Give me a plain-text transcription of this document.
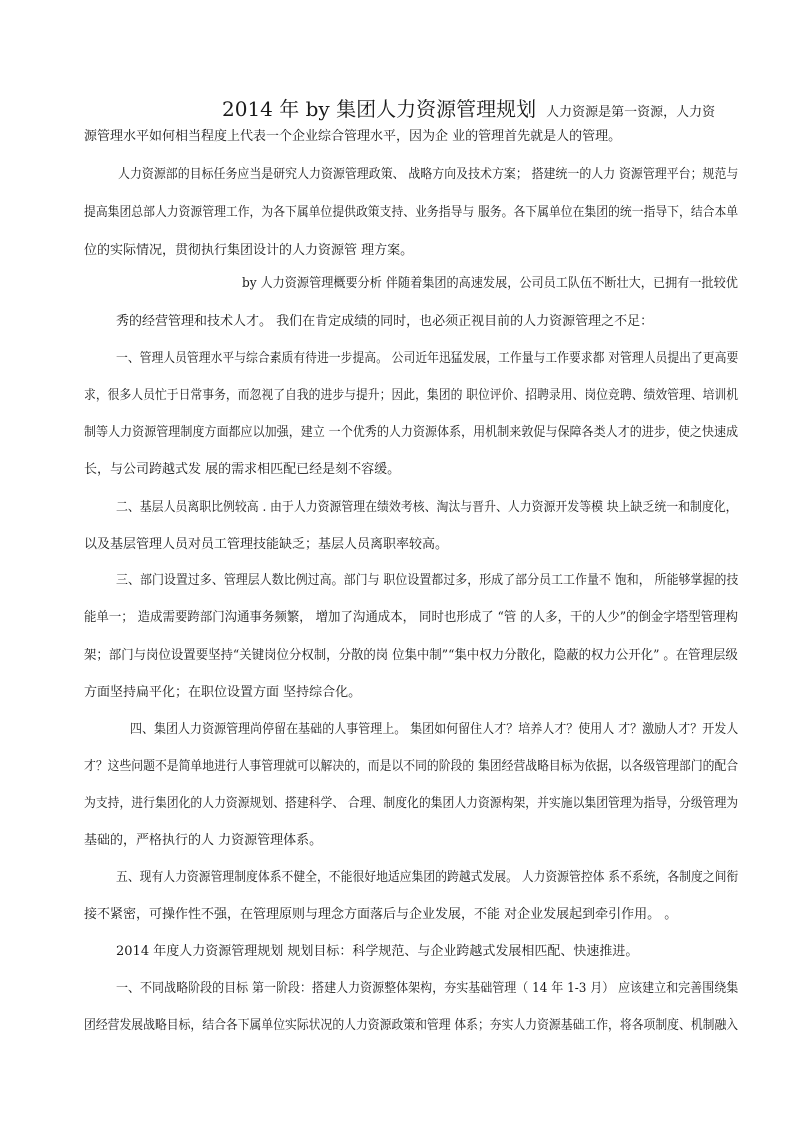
2014 年 by 集团人力资源管理规划 人力资源是第一资源，人力资
源管理水平如何相当程度上代表一个企业综合管理水平，因为企 业的管理首先就是人的管理。
人力资源部的目标任务应当是研究人力资源管理政策、 战略方向及技术方案； 搭建统一的人力 资源管理平台；规范与
提高集团总部人力资源管理工作，为各下属单位提供政策支持、业务指导与 服务。各下属单位在集团的统一指导下，结合本单
位的实际情况，贯彻执行集团设计的人力资源管 理方案。
by 人力资源管理概要分析 伴随着集团的高速发展，公司员工队伍不断壮大，已拥有一批较优
秀的经营管理和技术人才。 我们在肯定成绩的同时，也必须正视目前的人力资源管理之不足：
一、管理人员管理水平与综合素质有待进一步提高。 公司近年迅猛发展，工作量与工作要求都 对管理人员提出了更高要
求，很多人员忙于日常事务，而忽视了自我的进步与提升；因此，集团的 职位评价、招聘录用、岗位竞聘、绩效管理、培训机
制等人力资源管理制度方面都应以加强，建立 一个优秀的人力资源体系，用机制来敦促与保障各类人才的进步，使之快速成
长，与公司跨越式发 展的需求相匹配已经是刻不容缓。
二、基层人员离职比例较高 . 由于人力资源管理在绩效考核、淘汰与晋升、人力资源开发等模 块上缺乏统一和制度化，
以及基层管理人员对员工管理技能缺乏；基层人员离职率较高。
三、部门设置过多、管理层人数比例过高。部门与 职位设置都过多，形成了部分员工工作量不 饱和， 所能够掌握的技
能单一； 造成需要跨部门沟通事务频繁， 增加了沟通成本， 同时也形成了 “管 的人多，干的人少”的倒金字塔型管理构
架；部门与岗位设置要坚持“关键岗位分权制，分散的岗 位集中制”“集中权力分散化，隐蔽的权力公开化” 。在管理层级
方面坚持扁平化；在职位设置方面 坚持综合化。
四、集团人力资源管理尚停留在基础的人事管理上。 集团如何留住人才？培养人才？使用人 才？激励人才？开发人
才？这些问题不是简单地进行人事管理就可以解决的，而是以不同的阶段的 集团经营战略目标为依据，以各级管理部门的配合
为支持，进行集团化的人力资源规划、搭建科学、 合理、制度化的集团人力资源构架，并实施以集团管理为指导，分级管理为
基础的，严格执行的人 力资源管理体系。
五、现有人力资源管理制度体系不健全，不能很好地适应集团的跨越式发展。 人力资源管控体 系不系统，各制度之间衔
接不紧密，可操作性不强，在管理原则与理念方面落后与企业发展，不能 对企业发展起到牵引作用。 。
2014 年度人力资源管理规划 规划目标：科学规范、与企业跨越式发展相匹配、快速推进。
一、不同战略阶段的目标 第一阶段：搭建人力资源整体架构，夯实基础管理（ 14 年 1-3 月） 应该建立和完善围绕集
团经营发展战略目标，结合各下属单位实际状况的人力资源政策和管理 体系；夯实人力资源基础工作，将各项制度、机制融入
